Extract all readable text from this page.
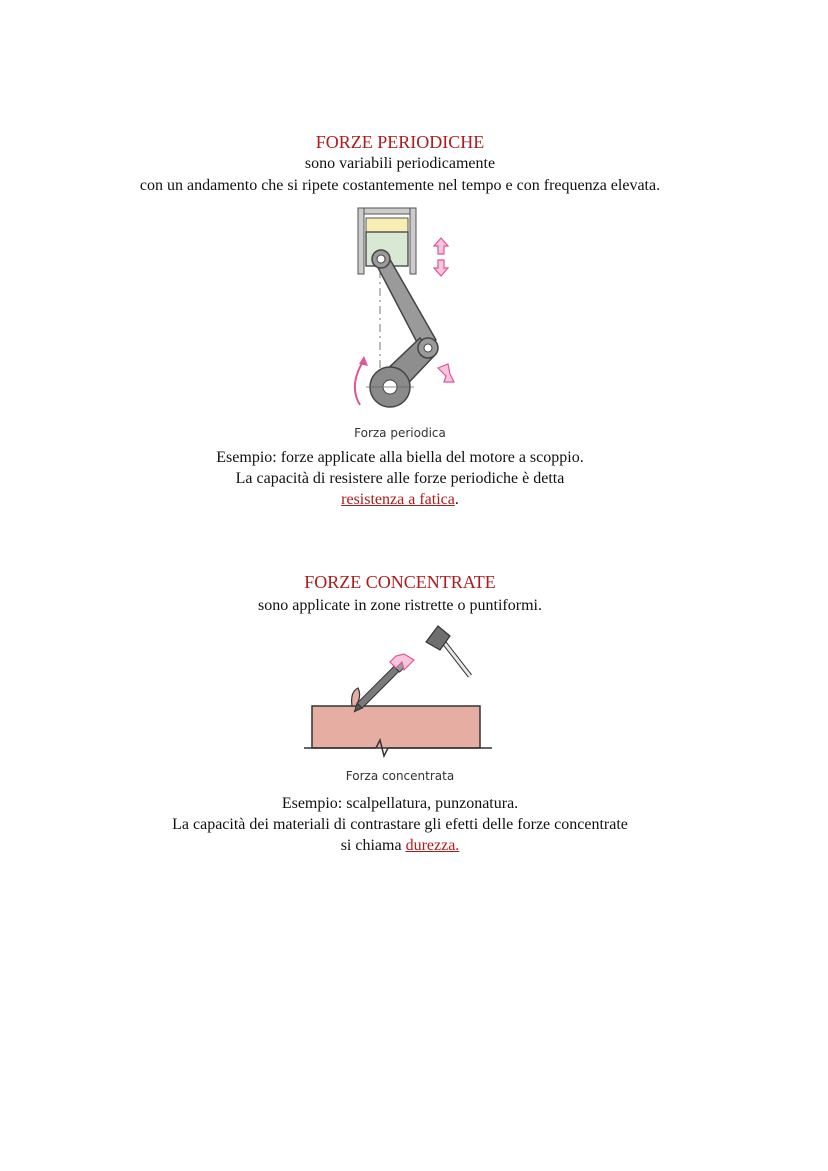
FORZE PERIODICHE
sono variabili periodicamente
con un andamento che si ripete costantemente nel tempo e con frequenza elevata.
Forza periodica
Esempio: forze applicate alla biella del motore a scoppio.
La capacità di resistere alle forze periodiche è detta
resistenza a fatica.
FORZE CONCENTRATE
sono applicate in zone ristrette o puntiformi.
Forza concentrata
Esempio: scalpellatura, punzonatura.
La capacità dei materiali di contrastare gli efetti delle forze concentrate
si chiama durezza.
